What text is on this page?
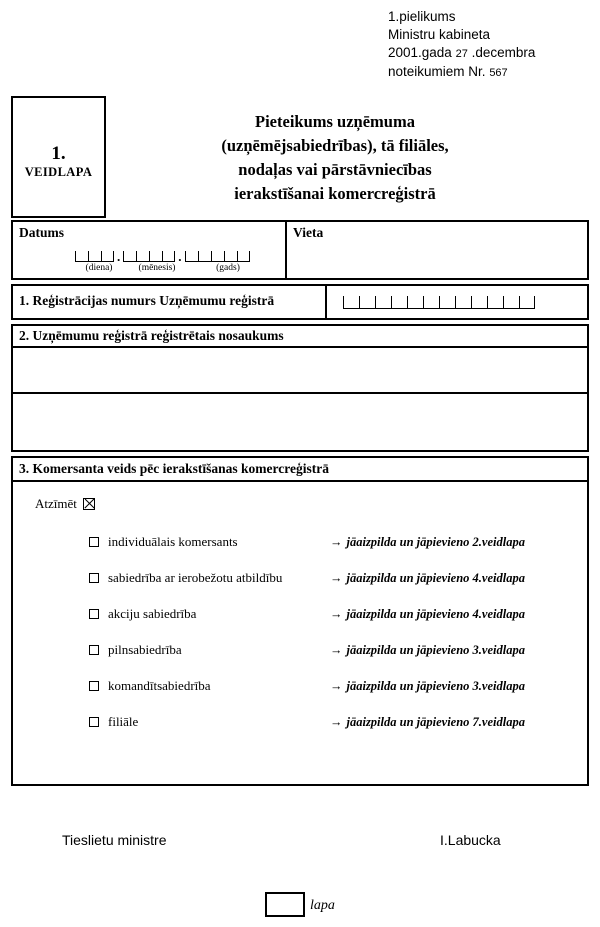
1.pielikums
Ministru kabineta
2001.gada 27 .decembra
noteikumiem Nr. 567
1.
VEIDLAPA
Pieteikums uzņēmuma
(uzņēmējsabiedrības), tā filiāles,
nodaļas vai pārstāvniecības
ierakstīšanai komercreģistrā
Datums
.	.
(diena)	(mēnesis)	(gads)
Vieta
1. Reģistrācijas numurs Uzņēmumu reģistrā
2. Uzņēmumu reģistrā reģistrētais nosaukums
3. Komersanta veids pēc ierakstīšanas komercreģistrā
Atzīmēt
individuālais komersants	→ jāaizpilda un jāpievieno 2.veidlapa
sabiedrība ar ierobežotu atbildību	→ jāaizpilda un jāpievieno 4.veidlapa
akciju sabiedrība	→ jāaizpilda un jāpievieno 4.veidlapa
pilnsabiedrība	→ jāaizpilda un jāpievieno 3.veidlapa
komandītsabiedrība	→ jāaizpilda un jāpievieno 3.veidlapa
filiāle	→ jāaizpilda un jāpievieno 7.veidlapa
Tieslietu ministre	I.Labucka
lapa
